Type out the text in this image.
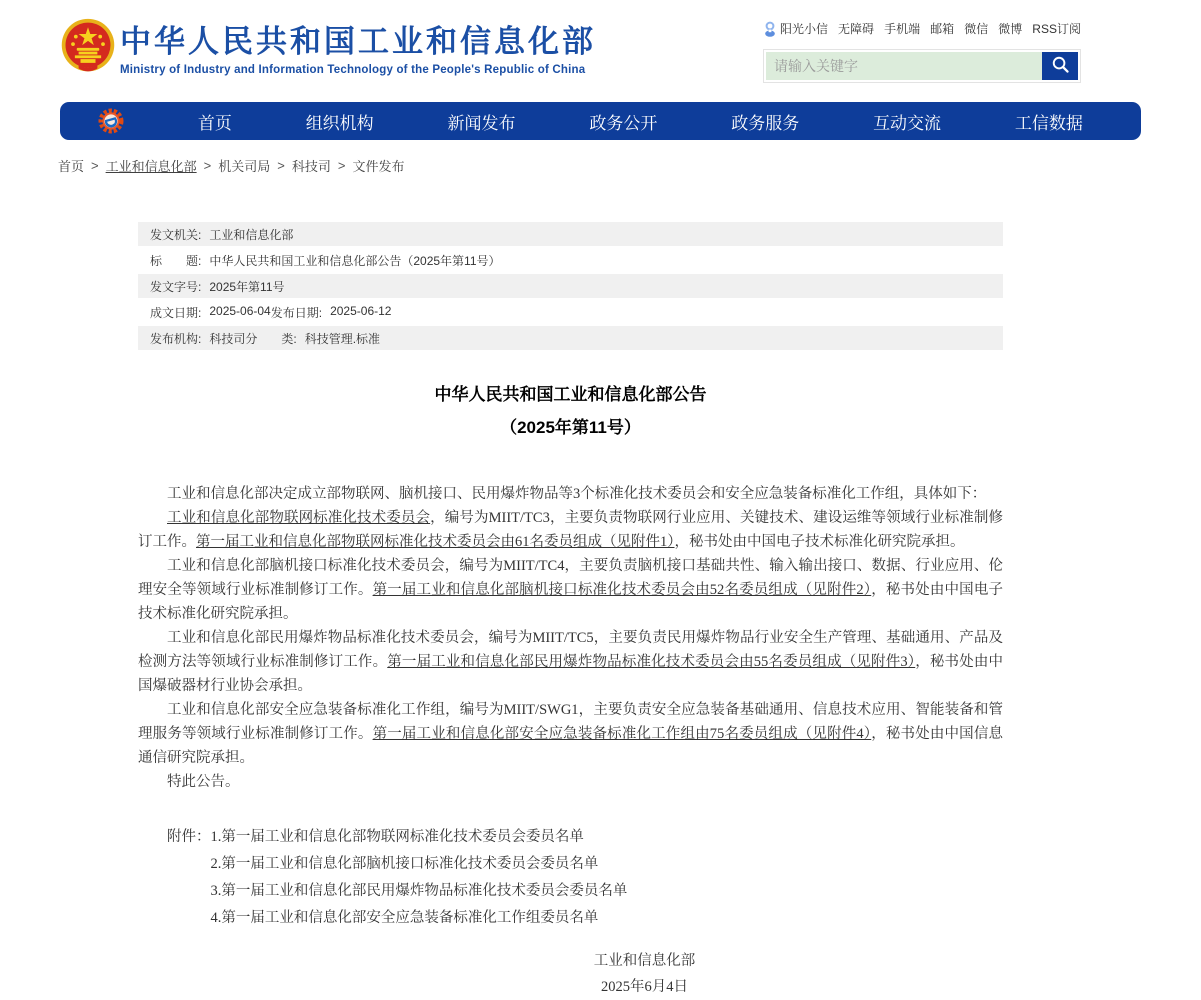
中华人民共和国工业和信息化部
Ministry of Industry and Information Technology of the People's Republic of China
阳光小信 无障碍 手机端 邮箱 微信 微博 RSS订阅
请输入关键字
首页	组织机构	新闻发布	政务公开	政务服务	互动交流	工信数据
首页 > 工业和信息化部 > 机关司局 > 科技司 > 文件发布
发文机关: 工业和信息化部
标　　题: 中华人民共和国工业和信息化部公告（2025年第11号）
发文字号: 2025年第11号
成文日期: 2025-06-04 发布日期: 2025-06-12
发布机构: 科技司 分　　类: 科技管理.标准
中华人民共和国工业和信息化部公告
（2025年第11号）

工业和信息化部决定成立部物联网、脑机接口、民用爆炸物品等3个标准化技术委员会和安全应急装备标准化工作组，具体如下：

工业和信息化部物联网标准化技术委员会，编号为MIIT/TC3，主要负责物联网行业应用、关键技术、建设运维等领域行业标准制修订工作。第一届工业和信息化部物联网标准化技术委员会由61名委员组成（见附件1），秘书处由中国电子技术标准化研究院承担。

工业和信息化部脑机接口标准化技术委员会，编号为MIIT/TC4，主要负责脑机接口基础共性、输入输出接口、数据、行业应用、伦理安全等领域行业标准制修订工作。第一届工业和信息化部脑机接口标准化技术委员会由52名委员组成（见附件2），秘书处由中国电子技术标准化研究院承担。

工业和信息化部民用爆炸物品标准化技术委员会，编号为MIIT/TC5，主要负责民用爆炸物品行业安全生产管理、基础通用、产品及检测方法等领域行业标准制修订工作。第一届工业和信息化部民用爆炸物品标准化技术委员会由55名委员组成（见附件3），秘书处由中国爆破器材行业协会承担。

工业和信息化部安全应急装备标准化工作组，编号为MIIT/SWG1，主要负责安全应急装备基础通用、信息技术应用、智能装备和管理服务等领域行业标准制修订工作。第一届工业和信息化部安全应急装备标准化工作组由75名委员组成（见附件4），秘书处由中国信息通信研究院承担。

特此公告。

附件： 1.第一届工业和信息化部物联网标准化技术委员会委员名单
2.第一届工业和信息化部脑机接口标准化技术委员会委员名单
3.第一届工业和信息化部民用爆炸物品标准化技术委员会委员名单
4.第一届工业和信息化部安全应急装备标准化工作组委员名单
工业和信息化部
2025年6月4日
